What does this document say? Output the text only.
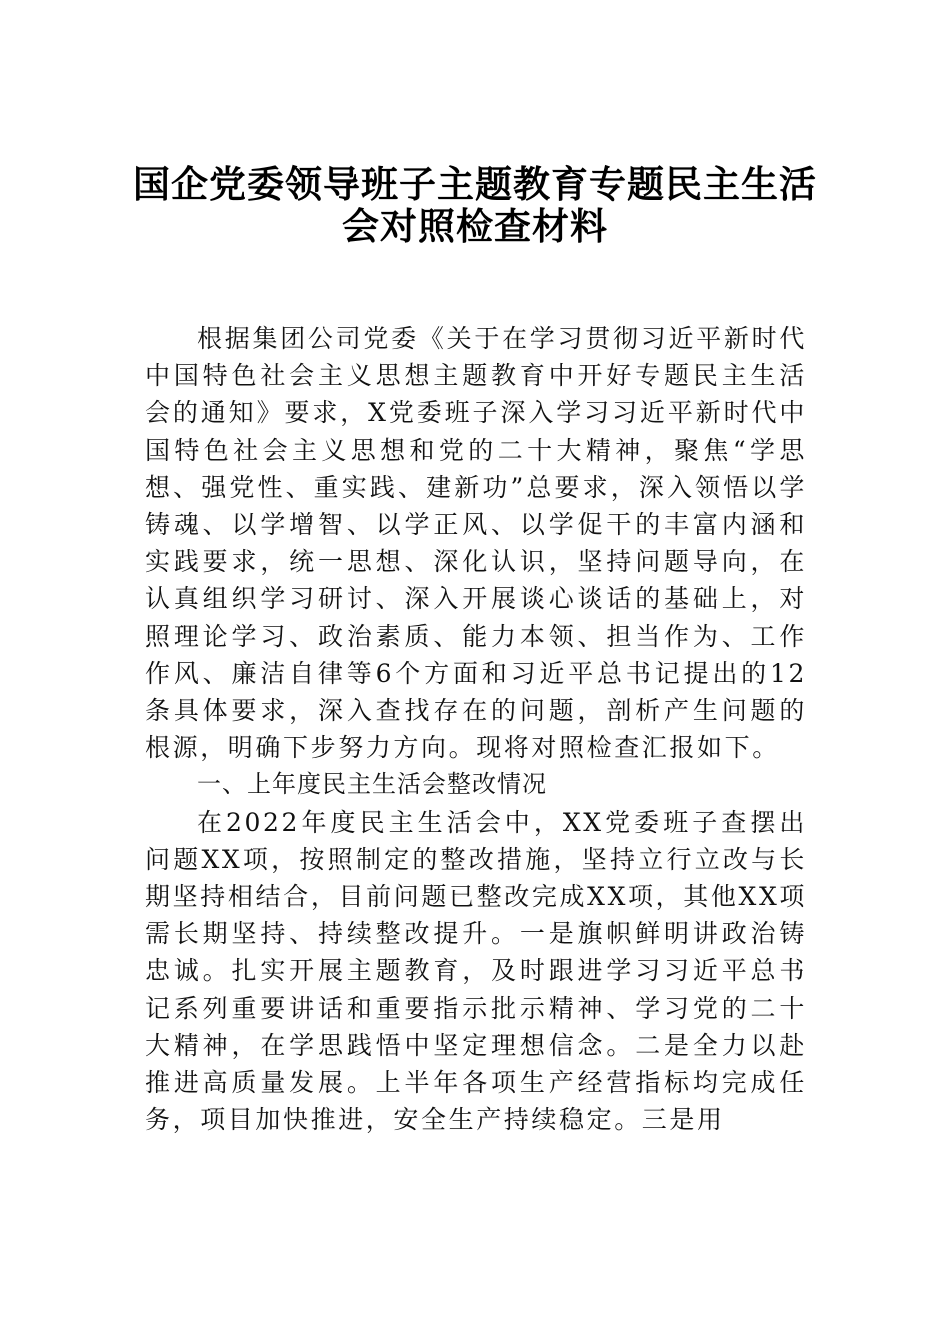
国企党委领导班子主题教育专题民主生活
会对照检查材料

根据集团公司党委《关于在学习贯彻习近平新时代中国特色社会主义思想主题教育中开好专题民主生活会的通知》要求，X党委班子深入学习习近平新时代中国特色社会主义思想和党的二十大精神，聚焦“学思想、强党性、重实践、建新功”总要求，深入领悟以学铸魂、以学增智、以学正风、以学促干的丰富内涵和实践要求，统一思想、深化认识，坚持问题导向，在认真组织学习研讨、深入开展谈心谈话的基础上，对照理论学习、政治素质、能力本领、担当作为、工作作风、廉洁自律等6个方面和习近平总书记提出的12条具体要求，深入查找存在的问题，剖析产生问题的根源，明确下步努力方向。现将对照检查汇报如下。

一、上年度民主生活会整改情况

在2022年度民主生活会中，XX党委班子查摆出问题XX项，按照制定的整改措施，坚持立行立改与长期坚持相结合，目前问题已整改完成XX项，其他XX项需长期坚持、持续整改提升。一是旗帜鲜明讲政治铸忠诚。扎实开展主题教育，及时跟进学习习近平总书记系列重要讲话和重要指示批示精神、学习党的二十大精神，在学思践悟中坚定理想信念。二是全力以赴推进高质量发展。上半年各项生产经营指标均完成任务，项目加快推进，安全生产持续稳定。三是用
